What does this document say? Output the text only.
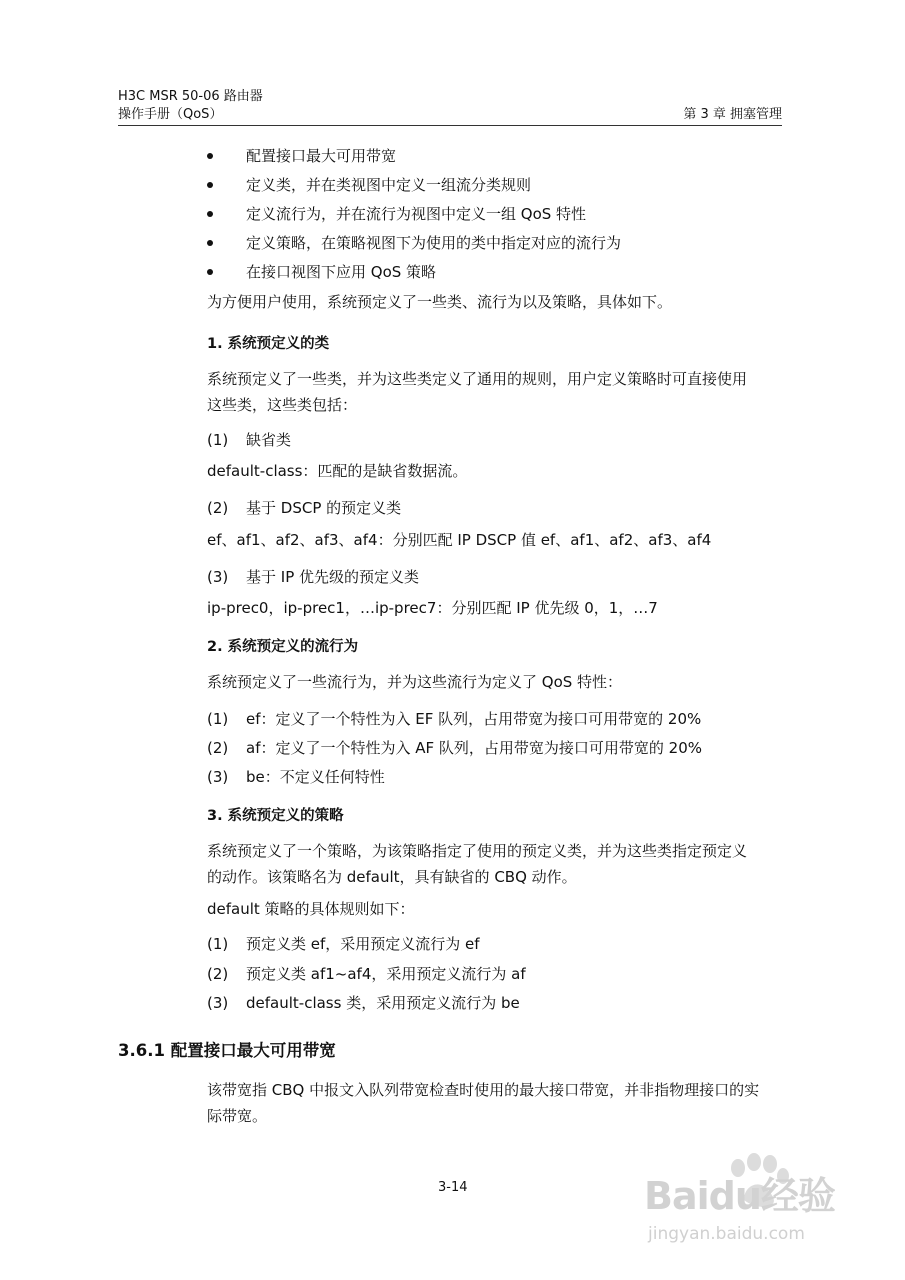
H3C MSR 50-06 路由器
操作手册（QoS）	第 3 章 拥塞管理
配置接口最大可用带宽
定义类，并在类视图中定义一组流分类规则
定义流行为，并在流行为视图中定义一组 QoS 特性
定义策略，在策略视图下为使用的类中指定对应的流行为
在接口视图下应用 QoS 策略
为方便用户使用，系统预定义了一些类、流行为以及策略，具体如下。
1. 系统预定义的类
系统预定义了一些类，并为这些类定义了通用的规则，用户定义策略时可直接使用
这些类，这些类包括：
(1) 缺省类
default-class：匹配的是缺省数据流。
(2) 基于 DSCP 的预定义类
ef、af1、af2、af3、af4：分别匹配 IP DSCP 值 ef、af1、af2、af3、af4
(3) 基于 IP 优先级的预定义类
ip-prec0，ip-prec1，…ip-prec7：分别匹配 IP 优先级 0，1，…7
2. 系统预定义的流行为
系统预定义了一些流行为，并为这些流行为定义了 QoS 特性：
(1) ef：定义了一个特性为入 EF 队列，占用带宽为接口可用带宽的 20%
(2) af：定义了一个特性为入 AF 队列，占用带宽为接口可用带宽的 20%
(3) be：不定义任何特性
3. 系统预定义的策略
系统预定义了一个策略，为该策略指定了使用的预定义类，并为这些类指定预定义
的动作。该策略名为 default，具有缺省的 CBQ 动作。
default 策略的具体规则如下：
(1) 预定义类 ef，采用预定义流行为 ef
(2) 预定义类 af1~af4，采用预定义流行为 af
(3) default-class 类，采用预定义流行为 be
3.6.1 配置接口最大可用带宽
该带宽指 CBQ 中报文入队列带宽检查时使用的最大接口带宽，并非指物理接口的实
际带宽。
3-14	Baidu经验
jingyan.baidu.com
